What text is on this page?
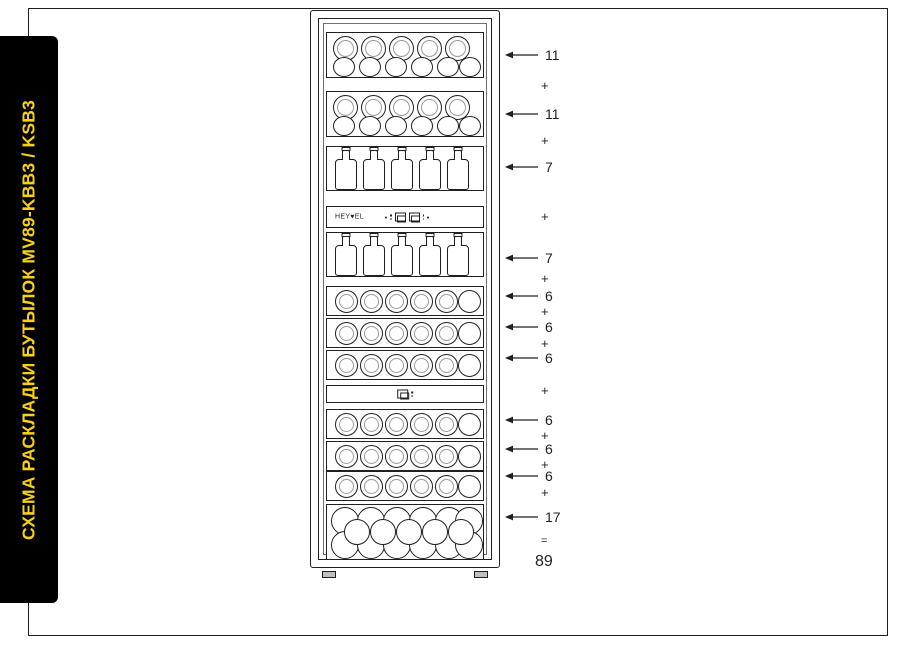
СХЕМА РАСКЛАДКИ БУТЫЛОК MV89-KBB3 / KSB3	HEY♥EL
11
+
11
+
7
+
7
+
6
+
6
+
6
+
6
+
6
+
6
+
17
=
89
